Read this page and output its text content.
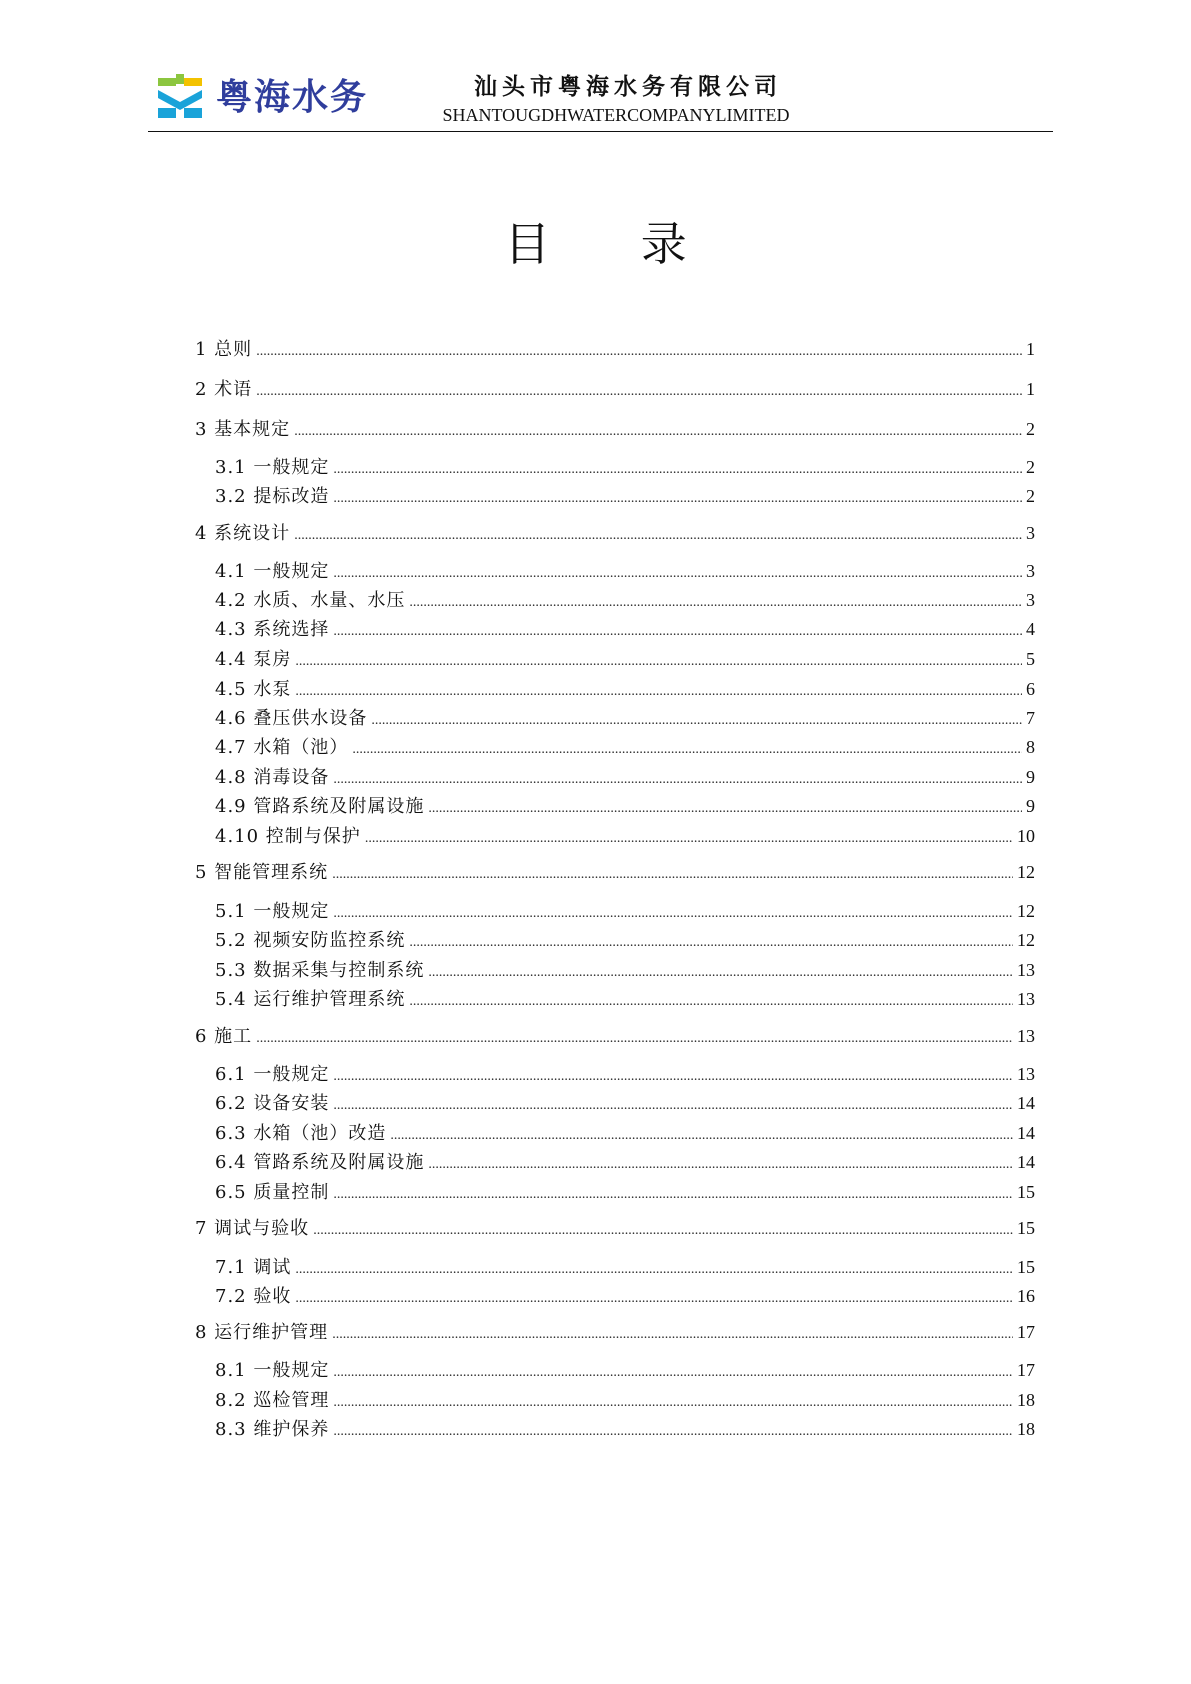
粤海水务	汕头市粤海水务有限公司
SHANTOUGDHWATERCOMPANYLIMITED
目 录
1 总则 .....	1
2 术语 .....	1
3 基本规定 .....	2
3.1 一般规定 .....	2
3.2 提标改造 .....	2
4 系统设计 .....	3
4.1 一般规定 .....	3
4.2 水质、水量、水压 .....	3
4.3 系统选择 .....	4
4.4 泵房 .....	5
4.5 水泵 .....	6
4.6 叠压供水设备 .....	7
4.7 水箱（池） .....	8
4.8 消毒设备 .....	9
4.9 管路系统及附属设施 .....	9
4.10 控制与保护 .....	10
5 智能管理系统 .....	12
5.1 一般规定 .....	12
5.2 视频安防监控系统 .....	12
5.3 数据采集与控制系统 .....	13
5.4 运行维护管理系统 .....	13
6 施工 .....	13
6.1 一般规定 .....	13
6.2 设备安装 .....	14
6.3 水箱（池）改造 .....	14
6.4 管路系统及附属设施 .....	14
6.5 质量控制 .....	15
7 调试与验收 .....	15
7.1 调试 .....	15
7.2 验收 .....	16
8 运行维护管理 .....	17
8.1 一般规定 .....	17
8.2 巡检管理 .....	18
8.3 维护保养 .....	18
